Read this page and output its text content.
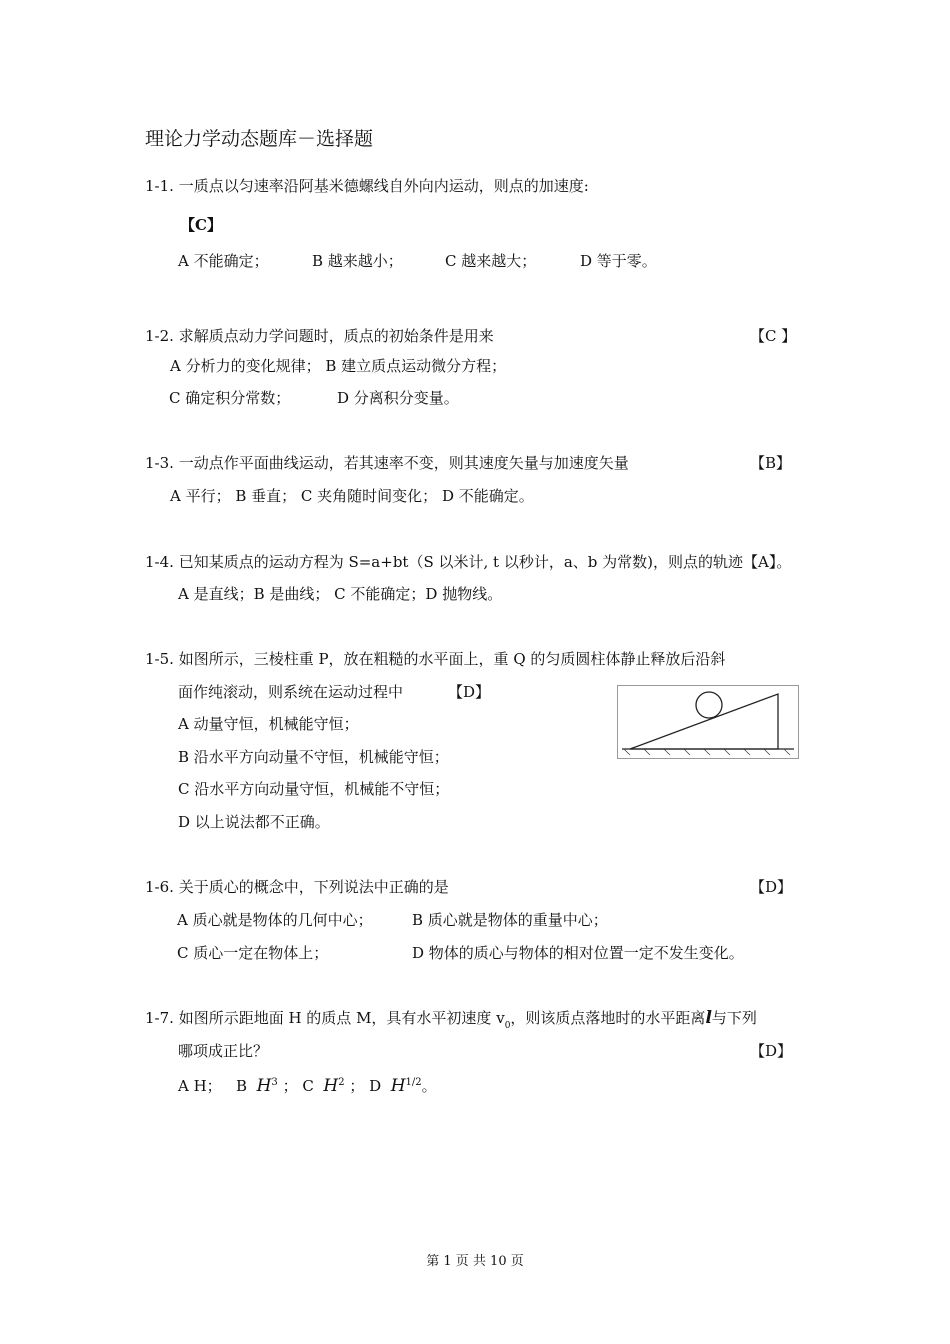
理论力学动态题库－选择题
1-1. 一质点以匀速率沿阿基米德螺线自外向内运动，则点的加速度:
【C】
A 不能确定；	B 越来越小；	C 越来越大；	D 等于零。
1-2. 求解质点动力学问题时，质点的初始条件是用来	【C 】
A 分析力的变化规律； B 建立质点运动微分方程；
C 确定积分常数；	D 分离积分变量。
1-3. 一动点作平面曲线运动，若其速率不变，则其速度矢量与加速度矢量	【B】
A 平行； B 垂直； C 夹角随时间变化； D 不能确定。
1-4. 已知某质点的运动方程为 S=a+bt（S 以米计, t 以秒计，a、b 为常数)，则点的轨迹【A】。
A 是直线；B 是曲线； C 不能确定；D 抛物线。
1-5. 如图所示，三棱柱重 P，放在粗糙的水平面上，重 Q 的匀质圆柱体静止释放后沿斜
面作纯滚动，则系统在运动过程中	【D】
A 动量守恒，机械能守恒；
B 沿水平方向动量不守恒，机械能守恒；
C 沿水平方向动量守恒，机械能不守恒；
D 以上说法都不正确。
1-6. 关于质心的概念中，下列说法中正确的是	【D】
A 质心就是物体的几何中心；	B 质心就是物体的重量中心；
C 质心一定在物体上；	D 物体的质心与物体的相对位置一定不发生变化。
1-7. 如图所示距地面 H 的质点 M，具有水平初速度 $v_0$，则该质点落地时的水平距离l与下列
哪项成正比？	【D】
A H； B $H^3$ ； C $H^2$ ； D $H^{1/2}$。
第 1 页 共 10 页
